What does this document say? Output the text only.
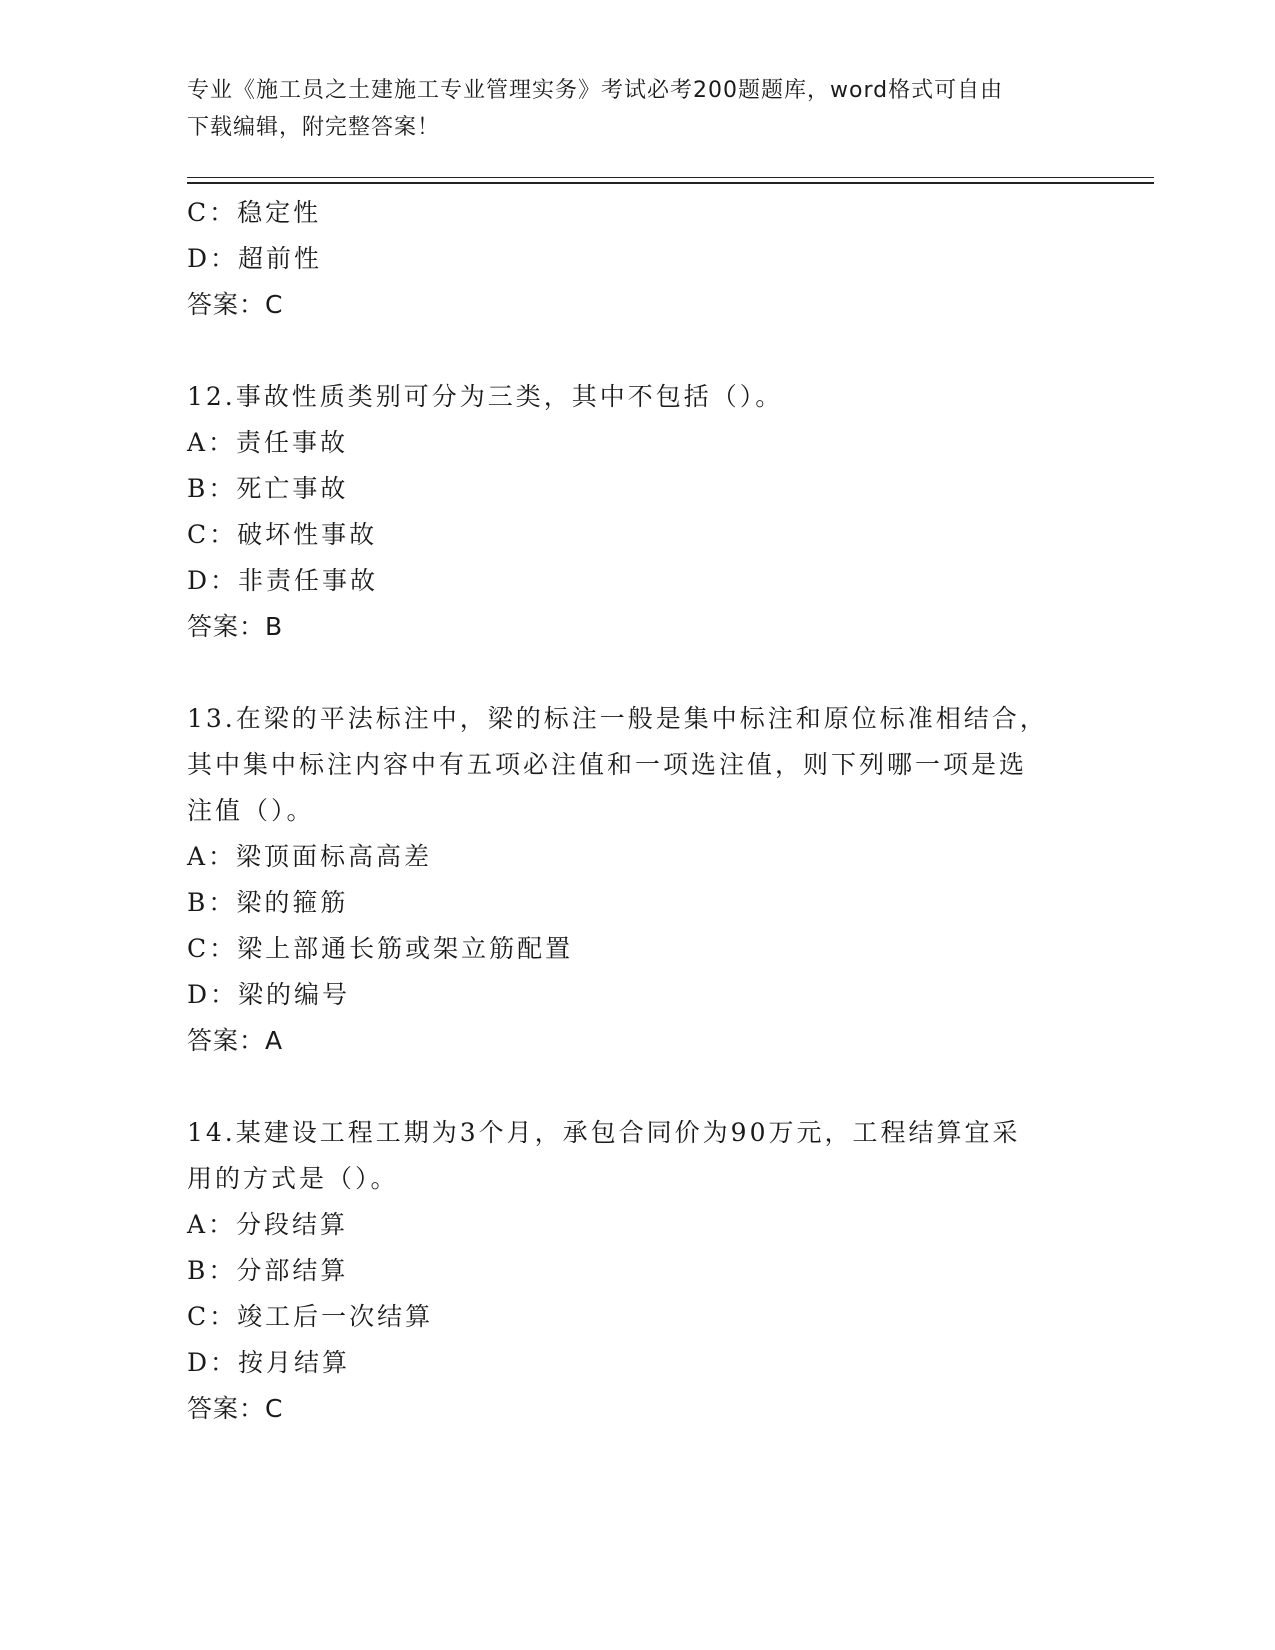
专业《施工员之土建施工专业管理实务》考试必考200题题库，word格式可自由
下载编辑，附完整答案！
C：稳定性
D：超前性
答案：C
12.事故性质类别可分为三类，其中不包括（）。
A：责任事故
B：死亡事故
C：破坏性事故
D：非责任事故
答案：B
13.在梁的平法标注中，梁的标注一般是集中标注和原位标准相结合，
其中集中标注内容中有五项必注值和一项选注值，则下列哪一项是选
注值（）。
A：梁顶面标高高差
B：梁的箍筋
C：梁上部通长筋或架立筋配置
D：梁的编号
答案：A
14.某建设工程工期为3个月，承包合同价为90万元，工程结算宜采
用的方式是（）。
A：分段结算
B：分部结算
C：竣工后一次结算
D：按月结算
答案：C
